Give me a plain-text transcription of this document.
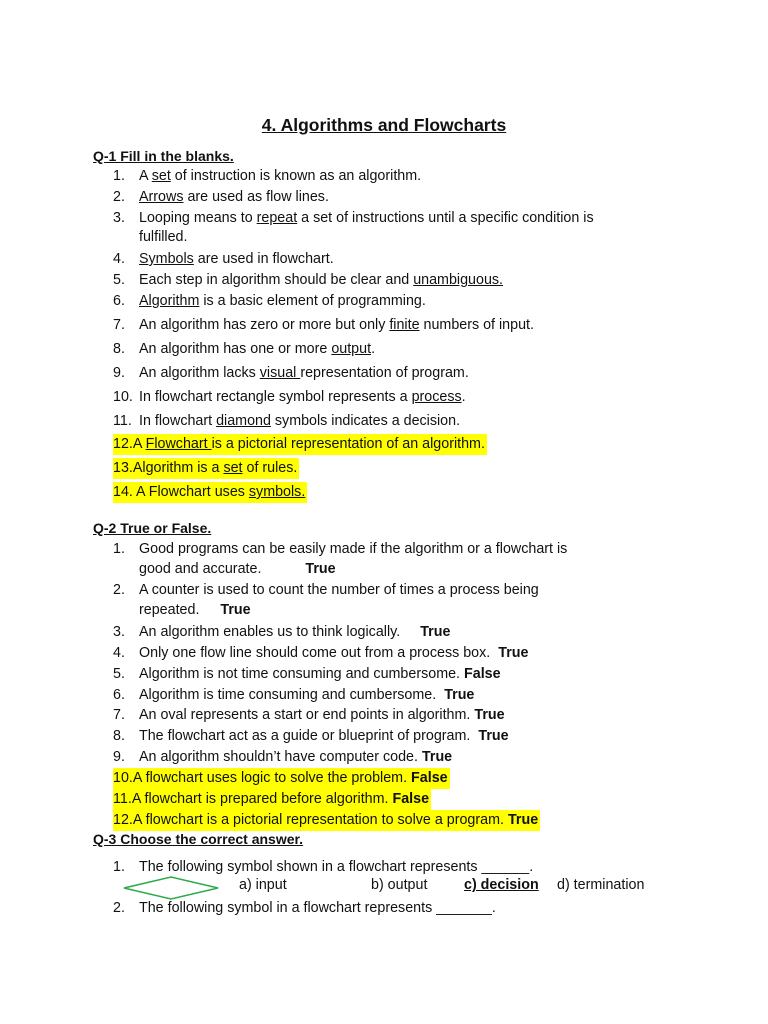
4. Algorithms and Flowcharts
Q-1 Fill in the blanks.
1. A set of instruction is known as an algorithm.
2. Arrows are used as flow lines.
3. Looping means to repeat a set of instructions until a specific condition is
fulfilled.
4. Symbols are used in flowchart.
5. Each step in algorithm should be clear and unambiguous.
6. Algorithm is a basic element of programming.
7. An algorithm has zero or more but only finite numbers of input.
8. An algorithm has one or more output.
9. An algorithm lacks visual representation of program.
10. In flowchart rectangle symbol represents a process.
11. In flowchart diamond symbols indicates a decision.
12.A Flowchart is a pictorial representation of an algorithm.
13.Algorithm is a set of rules.
14. A Flowchart uses symbols.
Q-2 True or False.
1. Good programs can be easily made if the algorithm or a flowchart is
good and accurate.	True
2. A counter is used to count the number of times a process being
repeated. True
3. An algorithm enables us to think logically. True
4. Only one flow line should come out from a process box. True
5. Algorithm is not time consuming and cumbersome. False
6. Algorithm is time consuming and cumbersome. True
7. An oval represents a start or end points in algorithm. True
8. The flowchart act as a guide or blueprint of program. True
9. An algorithm shouldn’t have computer code. True
10.A flowchart uses logic to solve the problem. False
11.A flowchart is prepared before algorithm. False
12.A flowchart is a pictorial representation to solve a program. True
Q-3 Choose the correct answer.
1. The following symbol shown in a flowchart represents ______.
a) input	b) output	c) decision d) termination
2. The following symbol in a flowchart represents _______.
